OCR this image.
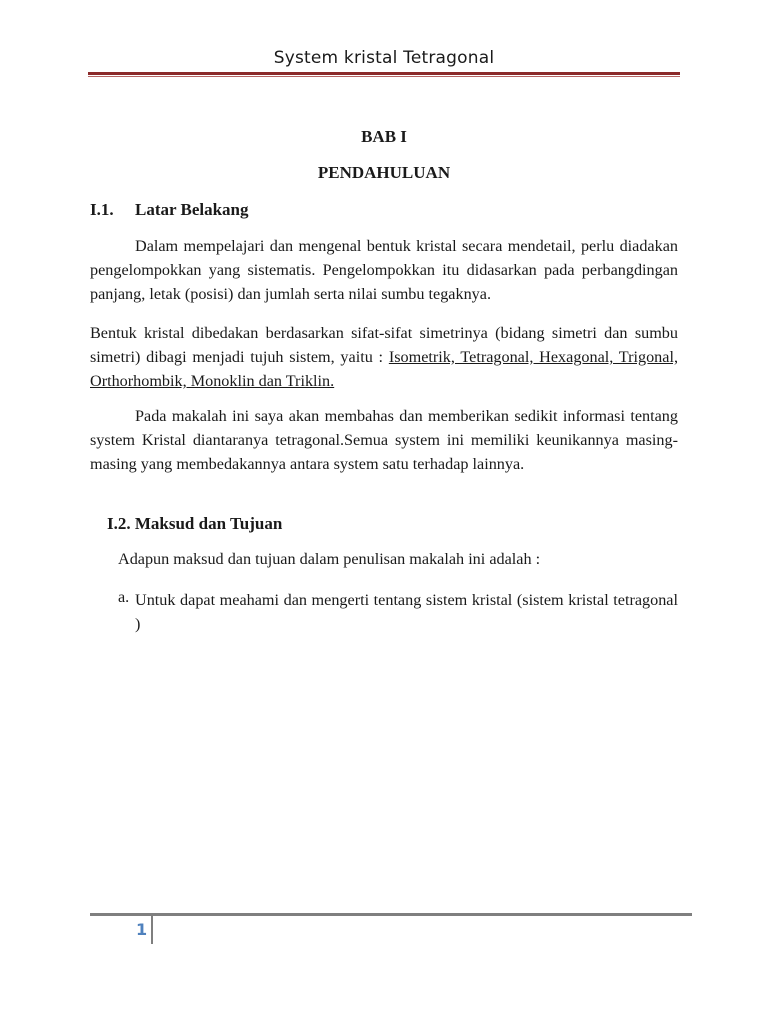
System kristal Tetragonal
BAB I
PENDAHULUAN
I.1. Latar Belakang

Dalam mempelajari dan mengenal bentuk kristal secara mendetail, perlu diadakan pengelompokkan yang sistematis. Pengelompokkan itu didasarkan pada perbangdingan panjang, letak (posisi) dan jumlah serta nilai sumbu tegaknya.

Bentuk kristal dibedakan berdasarkan sifat-sifat simetrinya (bidang simetri dan sumbu simetri) dibagi menjadi tujuh sistem, yaitu : Isometrik, Tetragonal, Hexagonal, Trigonal, Orthorhombik, Monoklin dan Triklin.

Pada makalah ini saya akan membahas dan memberikan sedikit informasi tentang system Kristal diantaranya tetragonal.Semua system ini memiliki keunikannya masing-masing yang membedakannya antara system satu terhadap lainnya.

I.2. Maksud dan Tujuan
Adapun maksud dan tujuan dalam penulisan makalah ini adalah :
a. Untuk dapat meahami dan mengerti tentang sistem kristal (sistem kristal tetragonal )

1
